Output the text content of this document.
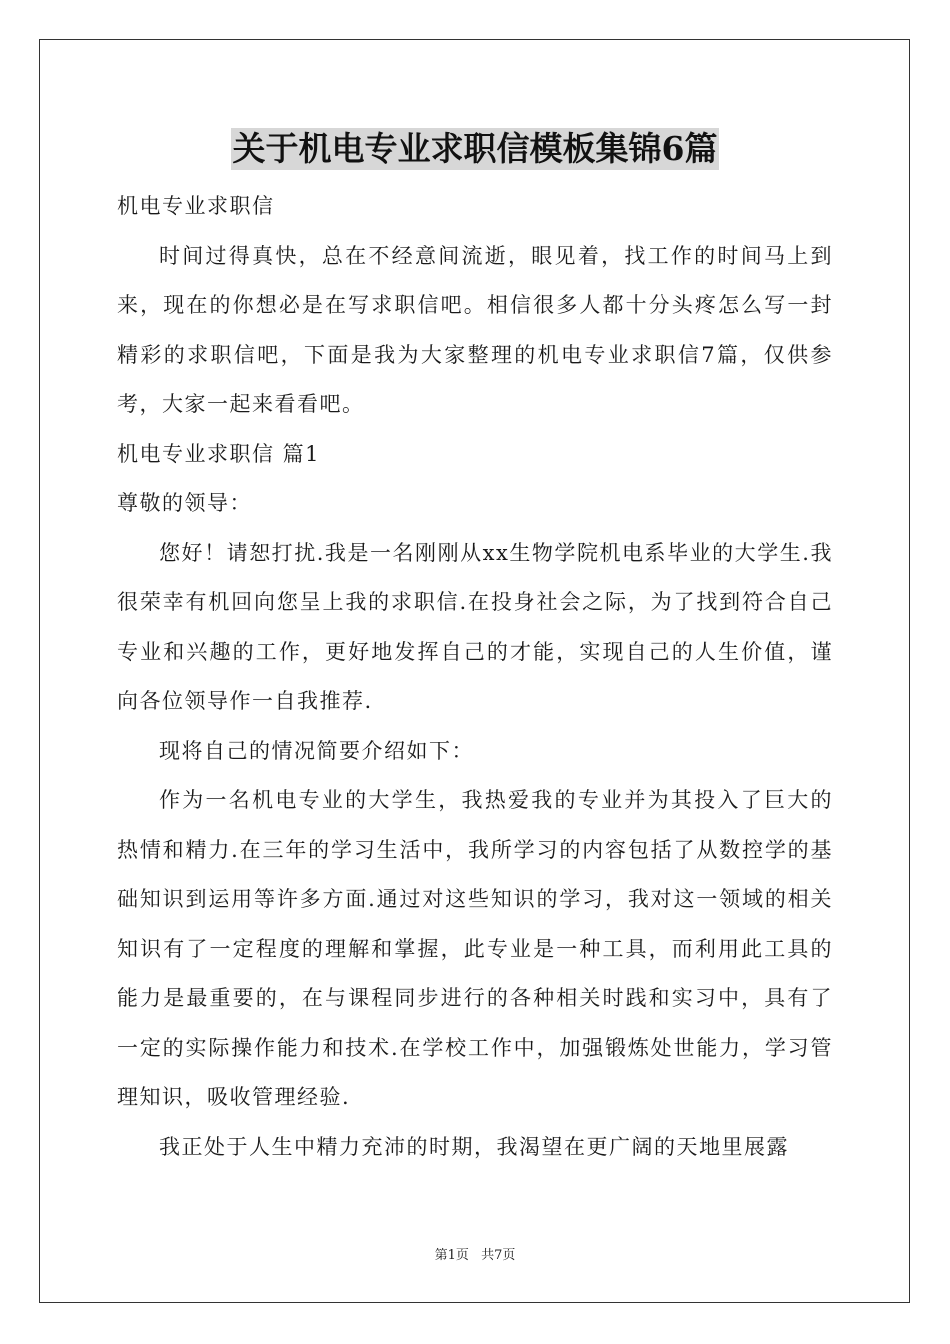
关于机电专业求职信模板集锦6篇

机电专业求职信

时间过得真快，总在不经意间流逝，眼见着，找工作的时间马上到来，现在的你想必是在写求职信吧。相信很多人都十分头疼怎么写一封精彩的求职信吧，下面是我为大家整理的机电专业求职信7篇，仅供参考，大家一起来看看吧。

机电专业求职信 篇1

尊敬的领导：

您好！请恕打扰.我是一名刚刚从xx生物学院机电系毕业的大学生.我很荣幸有机回向您呈上我的求职信.在投身社会之际，为了找到符合自己专业和兴趣的工作，更好地发挥自己的才能，实现自己的人生价值，谨向各位领导作一自我推荐.

现将自己的情况简要介绍如下：

作为一名机电专业的大学生，我热爱我的专业并为其投入了巨大的热情和精力.在三年的学习生活中，我所学习的内容包括了从数控学的基础知识到运用等许多方面.通过对这些知识的学习，我对这一领域的相关知识有了一定程度的理解和掌握，此专业是一种工具，而利用此工具的能力是最重要的，在与课程同步进行的各种相关时践和实习中，具有了一定的实际操作能力和技术.在学校工作中，加强锻炼处世能力，学习管理知识，吸收管理经验.

我正处于人生中精力充沛的时期，我渴望在更广阔的天地里展露

第1页 共7页
